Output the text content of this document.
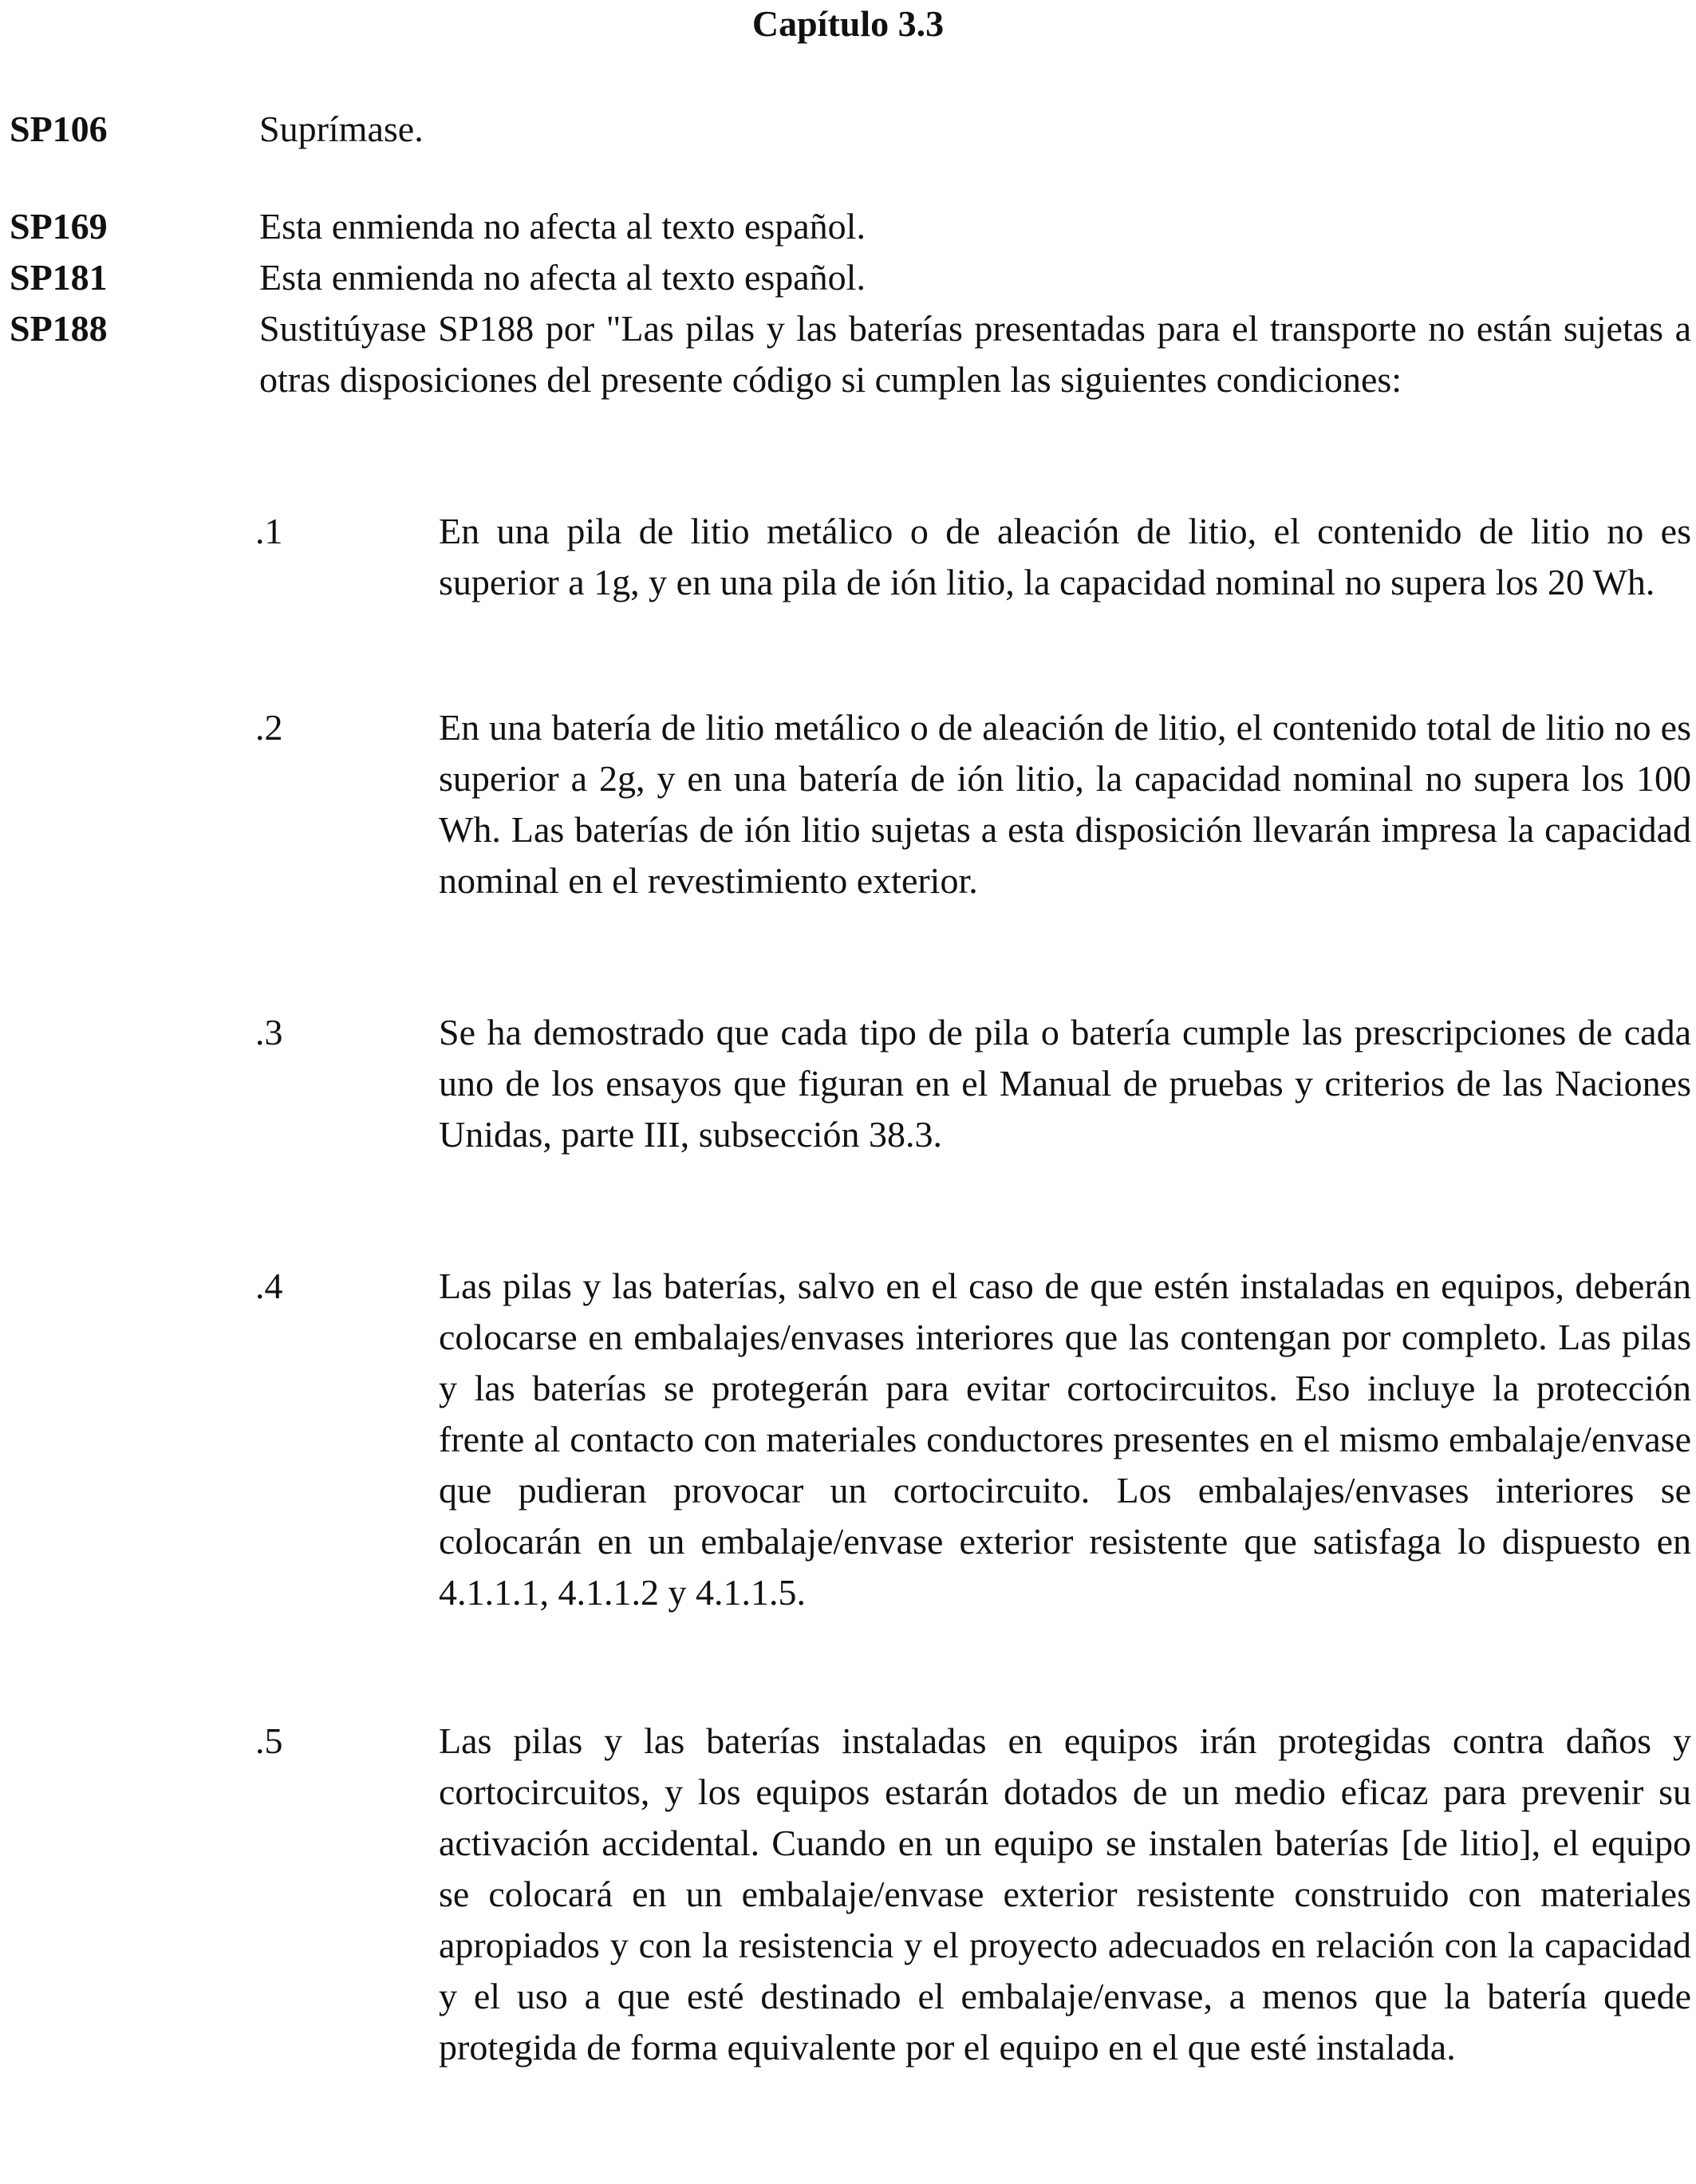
Capítulo 3.3
SP106	Suprímase.
SP169	Esta enmienda no afecta al texto español.
SP181	Esta enmienda no afecta al texto español.
SP188	Sustitúyase SP188 por "Las pilas y las baterías presentadas para el transporte no están sujetas a otras disposiciones del presente código si cumplen las siguientes condiciones:
.1	En una pila de litio metálico o de aleación de litio, el contenido de litio no es superior a 1g, y en una pila de ión litio, la capacidad nominal no supera los 20 Wh.
.2	En una batería de litio metálico o de aleación de litio, el contenido total de litio no es superior a 2g, y en una batería de ión litio, la capacidad nominal no supera los 100 Wh. Las baterías de ión litio sujetas a esta disposición llevarán impresa la capacidad nominal en el revestimiento exterior.
.3	Se ha demostrado que cada tipo de pila o batería cumple las prescripciones de cada uno de los ensayos que figuran en el Manual de pruebas y criterios de las Naciones Unidas, parte III, subsección 38.3.
.4	Las pilas y las baterías, salvo en el caso de que estén instaladas en equipos, deberán colocarse en embalajes/envases interiores que las contengan por completo. Las pilas y las baterías se protegerán para evitar cortocircuitos. Eso incluye la protección frente al contacto con materiales conductores presentes en el mismo embalaje/envase que pudieran provocar un cortocircuito. Los embalajes/envases interiores se colocarán en un embalaje/envase exterior resistente que satisfaga lo dispuesto en 4.1.1.1, 4.1.1.2 y 4.1.1.5.
.5	Las pilas y las baterías instaladas en equipos irán protegidas contra daños y cortocircuitos, y los equipos estarán dotados de un medio eficaz para prevenir su activación accidental. Cuando en un equipo se instalen baterías [de litio], el equipo se colocará en un embalaje/envase exterior resistente construido con materiales apropiados y con la resistencia y el proyecto adecuados en relación con la capacidad y el uso a que esté destinado el embalaje/envase, a menos que la batería quede protegida de forma equivalente por el equipo en el que esté instalada.
